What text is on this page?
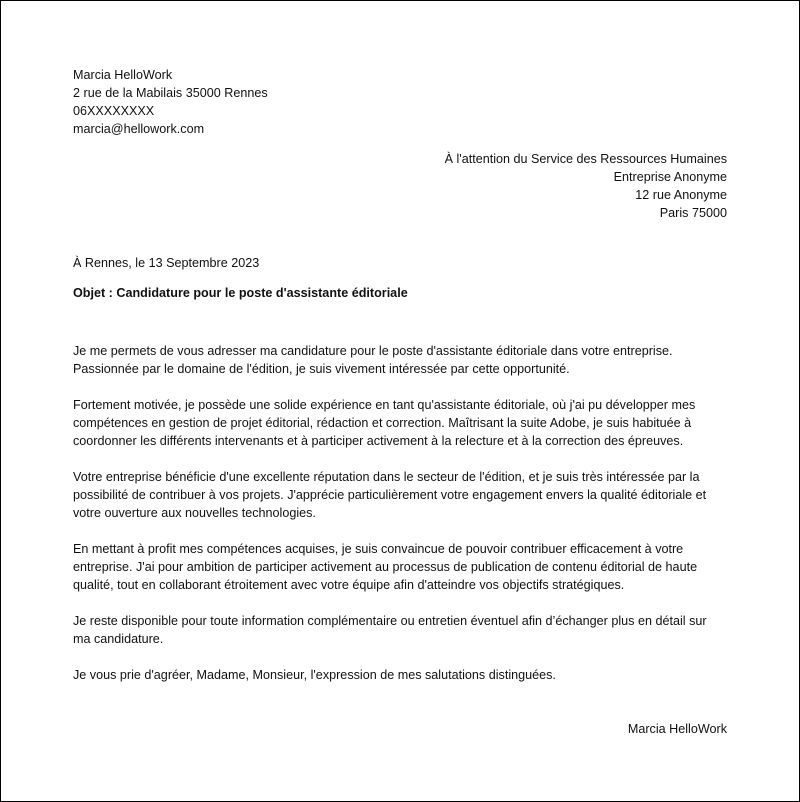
Marcia HelloWork
2 rue de la Mabilais 35000 Rennes
06XXXXXXXX
marcia@hellowork.com
À l'attention du Service des Ressources Humaines
Entreprise Anonyme
12 rue Anonyme
Paris 75000
À Rennes, le 13 Septembre 2023
Objet : Candidature pour le poste d'assistante éditoriale

Je me permets de vous adresser ma candidature pour le poste d'assistante éditoriale dans votre entreprise.
Passionnée par le domaine de l'édition, je suis vivement intéressée par cette opportunité.

Fortement motivée, je possède une solide expérience en tant qu'assistante éditoriale, où j'ai pu développer mes
compétences en gestion de projet éditorial, rédaction et correction. Maîtrisant la suite Adobe, je suis habituée à
coordonner les différents intervenants et à participer activement à la relecture et à la correction des épreuves.

Votre entreprise bénéficie d'une excellente réputation dans le secteur de l'édition, et je suis très intéressée par la
possibilité de contribuer à vos projets. J'apprécie particulièrement votre engagement envers la qualité éditoriale et
votre ouverture aux nouvelles technologies.

En mettant à profit mes compétences acquises, je suis convaincue de pouvoir contribuer efficacement à votre
entreprise. J'ai pour ambition de participer activement au processus de publication de contenu éditorial de haute
qualité, tout en collaborant étroitement avec votre équipe afin d'atteindre vos objectifs stratégiques.

Je reste disponible pour toute information complémentaire ou entretien éventuel afin d’échanger plus en détail sur
ma candidature.

Je vous prie d'agréer, Madame, Monsieur, l'expression de mes salutations distinguées.

Marcia HelloWork
